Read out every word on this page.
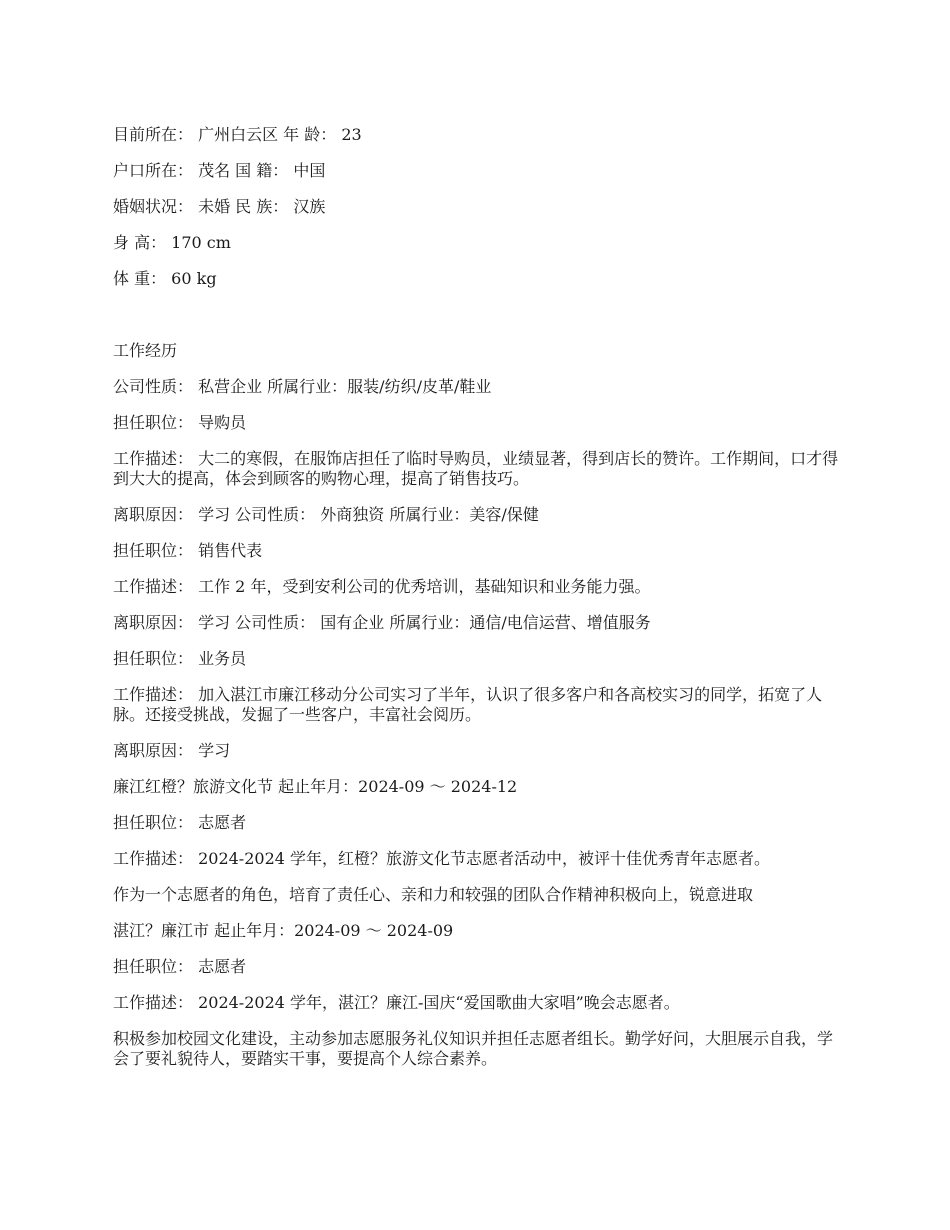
目前所在： 广州白云区 年 龄： 23

户口所在： 茂名 国 籍： 中国

婚姻状况： 未婚 民 族： 汉族

身 高： 170 cm

体 重： 60 kg

工作经历

公司性质： 私营企业 所属行业：服装/纺织/皮革/鞋业

担任职位： 导购员

工作描述： 大二的寒假，在服饰店担任了临时导购员，业绩显著，得到店长的赞许。工作期间，口才得到大大的提高，体会到顾客的购物心理，提高了销售技巧。

离职原因： 学习 公司性质： 外商独资 所属行业：美容/保健

担任职位： 销售代表

工作描述： 工作 2 年，受到安利公司的优秀培训，基础知识和业务能力强。

离职原因： 学习 公司性质： 国有企业 所属行业：通信/电信运营、增值服务

担任职位： 业务员

工作描述： 加入湛江市廉江移动分公司实习了半年，认识了很多客户和各高校实习的同学，拓宽了人脉。还接受挑战，发掘了一些客户，丰富社会阅历。

离职原因： 学习

廉江红橙？旅游文化节 起止年月：2024-09 ～ 2024-12

担任职位： 志愿者

工作描述： 2024-2024 学年，红橙？旅游文化节志愿者活动中，被评十佳优秀青年志愿者。

作为一个志愿者的角色，培育了责任心、亲和力和较强的团队合作精神积极向上，锐意进取

湛江？廉江市 起止年月：2024-09 ～ 2024-09

担任职位： 志愿者

工作描述： 2024-2024 学年，湛江？廉江-国庆“爱国歌曲大家唱”晚会志愿者。

积极参加校园文化建设，主动参加志愿服务礼仪知识并担任志愿者组长。勤学好问，大胆展示自我，学会了要礼貌待人，要踏实干事，要提高个人综合素养。
